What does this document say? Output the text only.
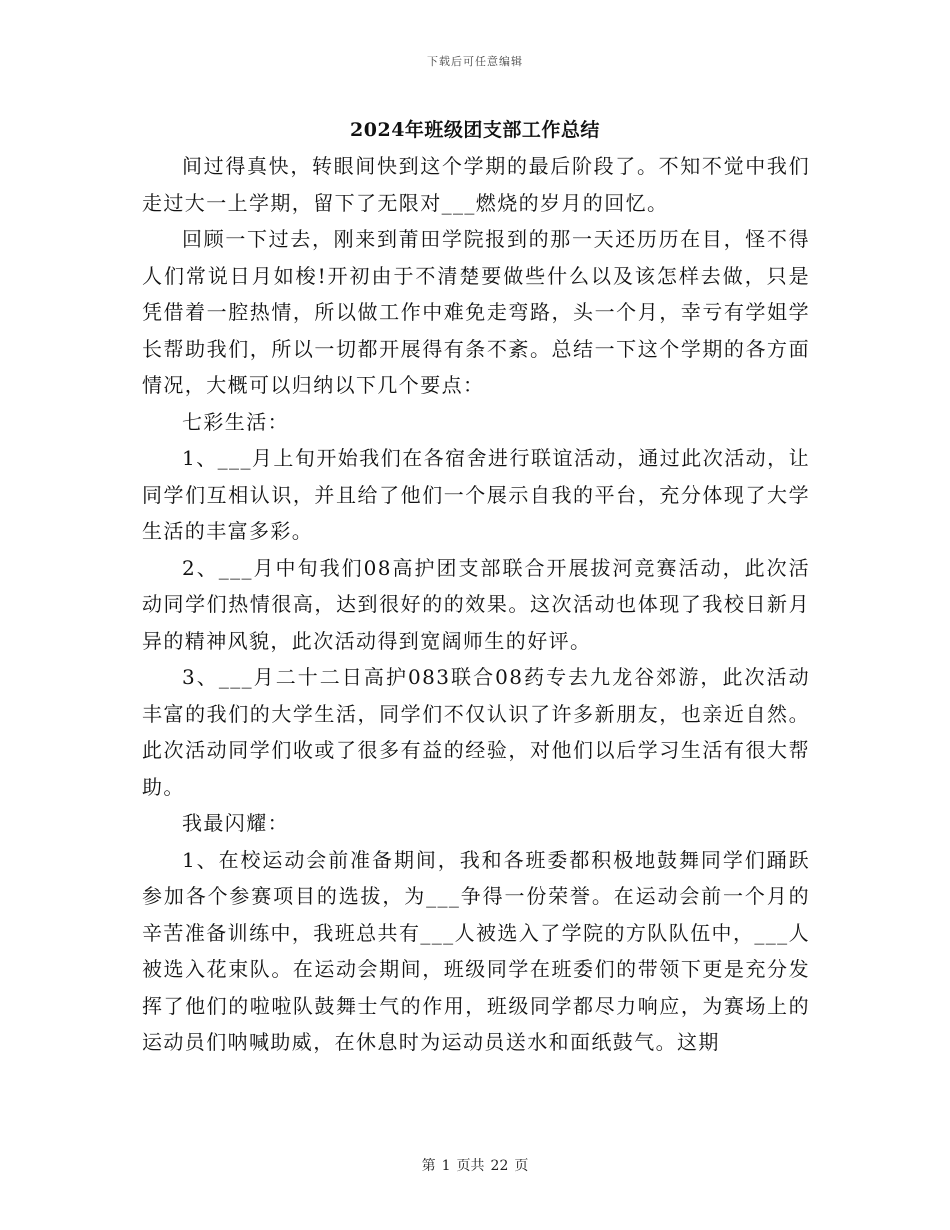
下载后可任意编辑
2024年班级团支部工作总结

间过得真快，转眼间快到这个学期的最后阶段了。不知不觉中我们走过大一上学期，留下了无限对___燃烧的岁月的回忆。

回顾一下过去，刚来到莆田学院报到的那一天还历历在目，怪不得人们常说日月如梭!开初由于不清楚要做些什么以及该怎样去做，只是凭借着一腔热情，所以做工作中难免走弯路，头一个月，幸亏有学姐学长帮助我们，所以一切都开展得有条不紊。总结一下这个学期的各方面情况，大概可以归纳以下几个要点：

七彩生活：

1、___月上旬开始我们在各宿舍进行联谊活动，通过此次活动，让同学们互相认识，并且给了他们一个展示自我的平台，充分体现了大学生活的丰富多彩。

2、___月中旬我们08高护团支部联合开展拔河竞赛活动，此次活动同学们热情很高，达到很好的的效果。这次活动也体现了我校日新月异的精神风貌，此次活动得到宽阔师生的好评。

3、___月二十二日高护083联合08药专去九龙谷郊游，此次活动丰富的我们的大学生活，同学们不仅认识了许多新朋友，也亲近自然。此次活动同学们收或了很多有益的经验，对他们以后学习生活有很大帮助。

我最闪耀：

1、在校运动会前准备期间，我和各班委都积极地鼓舞同学们踊跃参加各个参赛项目的选拔，为___争得一份荣誉。在运动会前一个月的辛苦准备训练中，我班总共有___人被选入了学院的方队队伍中，___人被选入花束队。在运动会期间，班级同学在班委们的带领下更是充分发挥了他们的啦啦队鼓舞士气的作用，班级同学都尽力响应，为赛场上的运动员们呐喊助威，在休息时为运动员送水和面纸鼓气。这期

第 1 页共 22 页
